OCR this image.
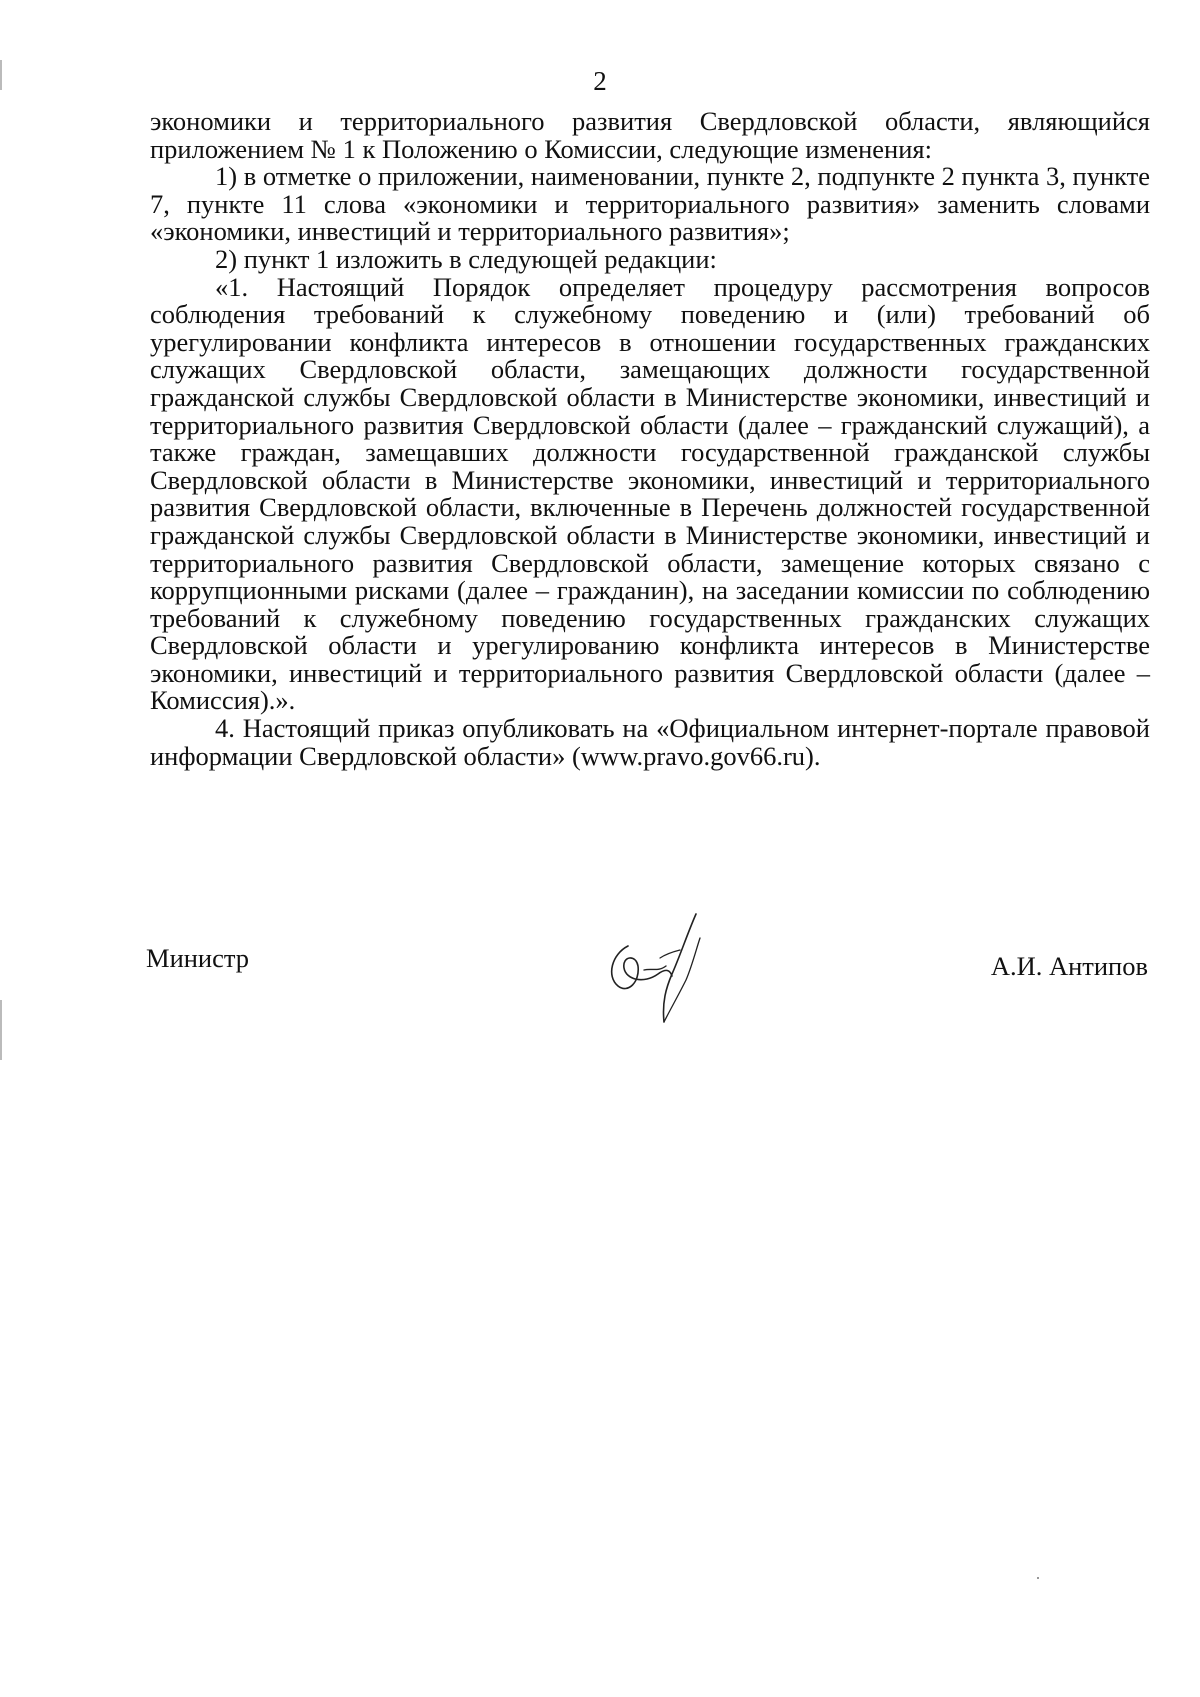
2

экономики и территориального развития Свердловской области, являющийся приложением № 1 к Положению о Комиссии, следующие изменения:

1) в отметке о приложении, наименовании, пункте 2, подпункте 2 пункта 3, пункте 7, пункте 11 слова «экономики и территориального развития» заменить словами «экономики, инвестиций и территориального развития»;

2) пункт 1 изложить в следующей редакции:

«1. Настоящий Порядок определяет процедуру рассмотрения вопросов соблюдения требований к служебному поведению и (или) требований об урегулировании конфликта интересов в отношении государственных гражданских служащих Свердловской области, замещающих должности государственной гражданской службы Свердловской области в Министерстве экономики, инвестиций и территориального развития Свердловской области (далее – гражданский служащий), а также граждан, замещавших должности государственной гражданской службы Свердловской области в Министерстве экономики, инвестиций и территориального развития Свердловской области, включенные в Перечень должностей государственной гражданской службы Свердловской области в Министерстве экономики, инвестиций и территориального развития Свердловской области, замещение которых связано с коррупционными рисками (далее – гражданин), на заседании комиссии по соблюдению требований к служебному поведению государственных гражданских служащих Свердловской области и урегулированию конфликта интересов в Министерстве экономики, инвестиций и территориального развития Свердловской области (далее – Комиссия).».

4. Настоящий приказ опубликовать на «Официальном интернет-портале правовой информации Свердловской области» (www.pravo.gov66.ru).

Министр	А.И. Антипов
